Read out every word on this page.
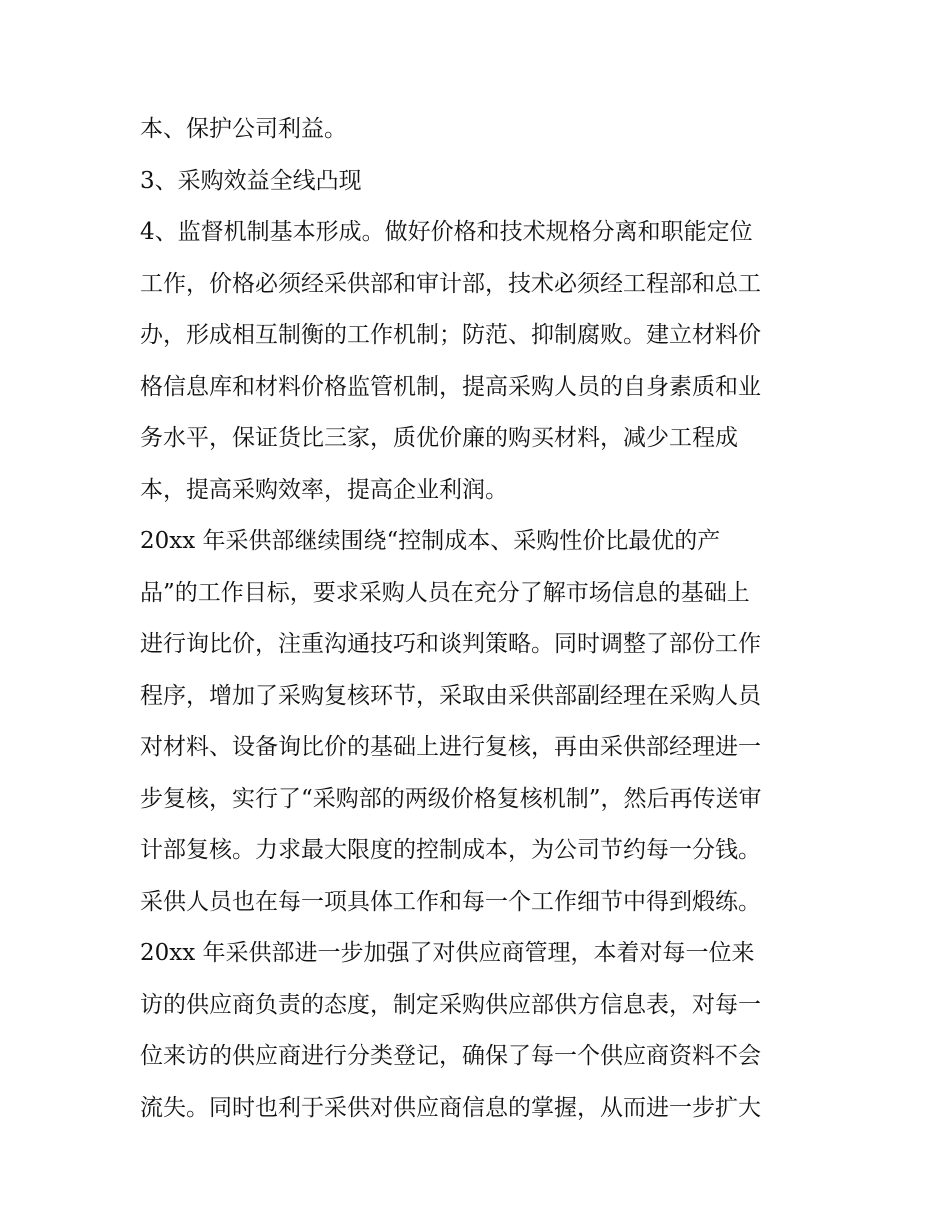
本、保护公司利益。
3、采购效益全线凸现
4、监督机制基本形成。做好价格和技术规格分离和职能定位
工作，价格必须经采供部和审计部，技术必须经工程部和总工
办，形成相互制衡的工作机制；防范、抑制腐败。建立材料价
格信息库和材料价格监管机制，提高采购人员的自身素质和业
务水平，保证货比三家，质优价廉的购买材料，减少工程成
本，提高采购效率，提高企业利润。
20xx 年采供部继续围绕“控制成本、采购性价比最优的产
品”的工作目标，要求采购人员在充分了解市场信息的基础上
进行询比价，注重沟通技巧和谈判策略。同时调整了部份工作
程序，增加了采购复核环节，采取由采供部副经理在采购人员
对材料、设备询比价的基础上进行复核，再由采供部经理进一
步复核，实行了“采购部的两级价格复核机制”，然后再传送审
计部复核。力求最大限度的控制成本，为公司节约每一分钱。
采供人员也在每一项具体工作和每一个工作细节中得到煅练。
20xx 年采供部进一步加强了对供应商管理，本着对每一位来
访的供应商负责的态度，制定采购供应部供方信息表，对每一
位来访的供应商进行分类登记，确保了每一个供应商资料不会
流失。同时也利于采供对供应商信息的掌握，从而进一步扩大
